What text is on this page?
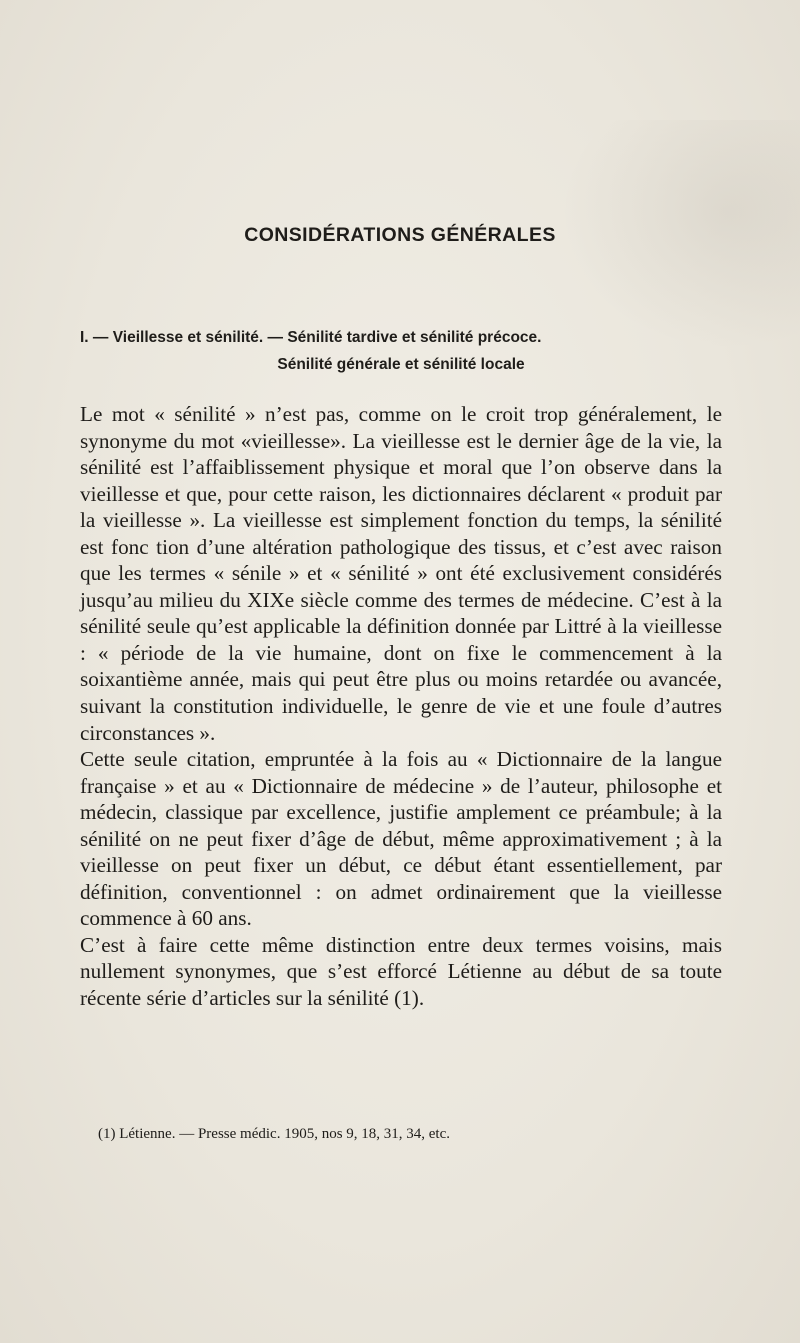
CONSIDÉRATIONS GÉNÉRALES
I. — Vieillesse et sénilité. — Sénilité tardive et sénilité précoce.
Sénilité générale et sénilité locale

Le mot « sénilité » n’est pas, comme on le croit trop généralement, le synonyme du mot «vieillesse». La vieillesse est le dernier âge de la vie, la sénilité est l’affaiblissement physique et moral que l’on observe dans la vieillesse et que, pour cette raison, les dictionnaires déclarent « produit par la vieillesse ». La vieillesse est simplement fonction du temps, la sénilité est fonc tion d’une altération pathologique des tissus, et c’est avec raison que les termes « sénile » et « sénilité » ont été exclusivement considérés jusqu’au milieu du XIXe siècle comme des termes de médecine. C’est à la sénilité seule qu’est applicable la définition donnée par Littré à la vieillesse : « période de la vie humaine, dont on fixe le commencement à la soixantième année, mais qui peut être plus ou moins retardée ou avancée, suivant la constitution individuelle, le genre de vie et une foule d’autres circonstances ».

Cette seule citation, empruntée à la fois au « Dictionnaire de la langue française » et au « Dictionnaire de médecine » de l’auteur, philosophe et médecin, classique par excellence, justifie amplement ce préambule; à la sénilité on ne peut fixer d’âge de début, même approximativement ; à la vieillesse on peut fixer un début, ce début étant essentiellement, par définition, conventionnel : on admet ordinairement que la vieillesse commence à 60 ans.

C’est à faire cette même distinction entre deux termes voisins, mais nullement synonymes, que s’est efforcé Létienne au début de sa toute récente série d’articles sur la sénilité (1).

(1) Létienne. — Presse médic. 1905, nos 9, 18, 31, 34, etc.
